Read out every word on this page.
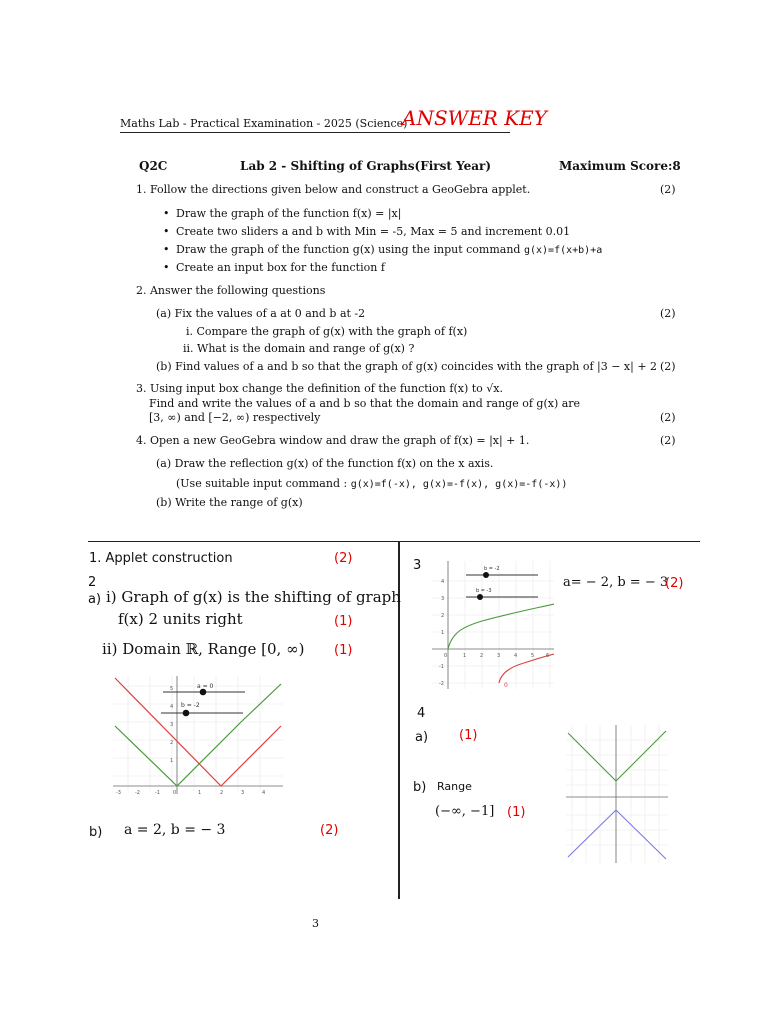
Maths Lab - Practical Examination - 2025 (Science)
ANSWER KEY
Q2C	Lab 2 - Shifting of Graphs(First Year)	Maximum Score:8
1. Follow the directions given below and construct a GeoGebra applet.	(2)
• Draw the graph of the function f(x) = |x|
• Create two sliders a and b with Min = -5, Max = 5 and increment 0.01
• Draw the graph of the function g(x) using the input command g(x)=f(x+b)+a
• Create an input box for the function f
2. Answer the following questions
(a) Fix the values of a at 0 and b at -2	(2)
i. Compare the graph of g(x) with the graph of f(x)
ii. What is the domain and range of g(x) ?
(b) Find values of a and b so that the graph of g(x) coincides with the graph of |3 − x| + 2 (2)
3. Using input box change the definition of the function f(x) to √x.
Find and write the values of a and b so that the domain and range of g(x) are
[3, ∞) and [−2, ∞) respectively	(2)
4. Open a new GeoGebra window and draw the graph of f(x) = |x| + 1.	(2)
(a) Draw the reflection g(x) of the function f(x) on the x axis.
(Use suitable input command : g(x)=f(-x), g(x)=-f(x), g(x)=-f(-x))
(b) Write the range of g(x)
1. Applet construction	(2)
2
a) i) Graph of g(x) is the shifting of graph
f(x) 2 units right	(1)
ii) Domain ℝ, Range [0, ∞) (1)
a = 0
b = -2
5
4
3
2
1
-3	-2	-1	0	1	2	3	4
b) a = 2, b = − 3	(2)
3
0
b = -2
b = -3
4
3
2
1
-1
-2
0	1	2	3	4	5 6
a= − 2, b = − 3
(2)
4
a) (1)
b) Range
(−∞, −1] (1)
3
